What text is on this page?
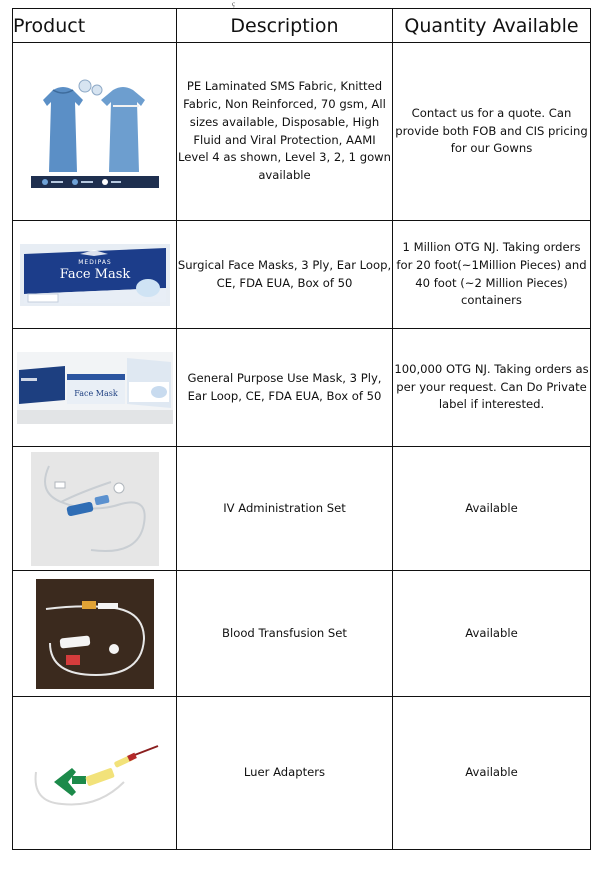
ç
Product	Description	Quantity Available

	PE Laminated SMS Fabric, Knitted Fabric, Non Reinforced, 70 gsm, All sizes available, Disposable, High Fluid and Viral Protection, AAMI Level 4 as shown, Level 3, 2, 1 gown available	Contact us for a quote. Can provide both FOB and CIS pricing for our Gowns

MEDIPAS
Face Mask	Surgical Face Masks, 3 Ply, Ear Loop, CE, FDA EUA, Box of 50	1 Million OTG NJ. Taking orders for 20 foot(~1Million Pieces) and 40 foot (~2 Million Pieces) containers

Face Mask	General Purpose Use Mask, 3 Ply, Ear Loop, CE, FDA EUA, Box of 50	100,000 OTG NJ. Taking orders as per your request. Can Do Private label if interested.

	IV Administration Set	Available

	Blood Transfusion Set	Available

	Luer Adapters	Available
